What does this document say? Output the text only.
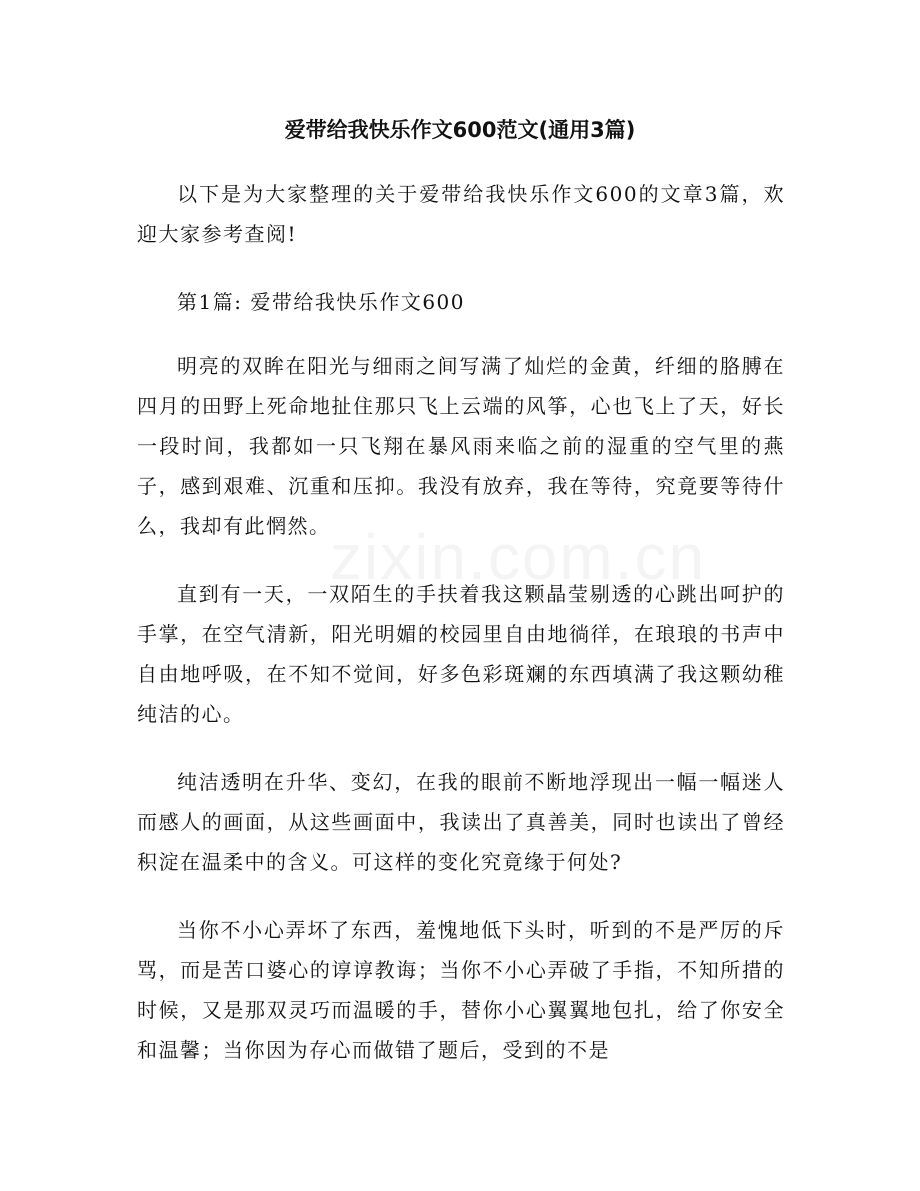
zixin.com.cn
爱带给我快乐作文600范文(通用3篇)

以下是为大家整理的关于爱带给我快乐作文600的文章3篇，欢迎大家参考查阅!

第1篇: 爱带给我快乐作文600

明亮的双眸在阳光与细雨之间写满了灿烂的金黄，纤细的胳膊在四月的田野上死命地扯住那只飞上云端的风筝，心也飞上了天，好长一段时间，我都如一只飞翔在暴风雨来临之前的湿重的空气里的燕子，感到艰难、沉重和压抑。我没有放弃，我在等待，究竟要等待什么，我却有此惘然。

直到有一天，一双陌生的手扶着我这颗晶莹剔透的心跳出呵护的手掌，在空气清新，阳光明媚的校园里自由地徜徉，在琅琅的书声中自由地呼吸，在不知不觉间，好多色彩斑斓的东西填满了我这颗幼稚纯洁的心。

纯洁透明在升华、变幻，在我的眼前不断地浮现出一幅一幅迷人而感人的画面，从这些画面中，我读出了真善美，同时也读出了曾经积淀在温柔中的含义。可这样的变化究竟缘于何处?

当你不小心弄坏了东西，羞愧地低下头时，听到的不是严厉的斥骂，而是苦口婆心的谆谆教诲；当你不小心弄破了手指，不知所措的时候，又是那双灵巧而温暖的手，替你小心翼翼地包扎，给了你安全和温馨；当你因为存心而做错了题后，受到的不是
